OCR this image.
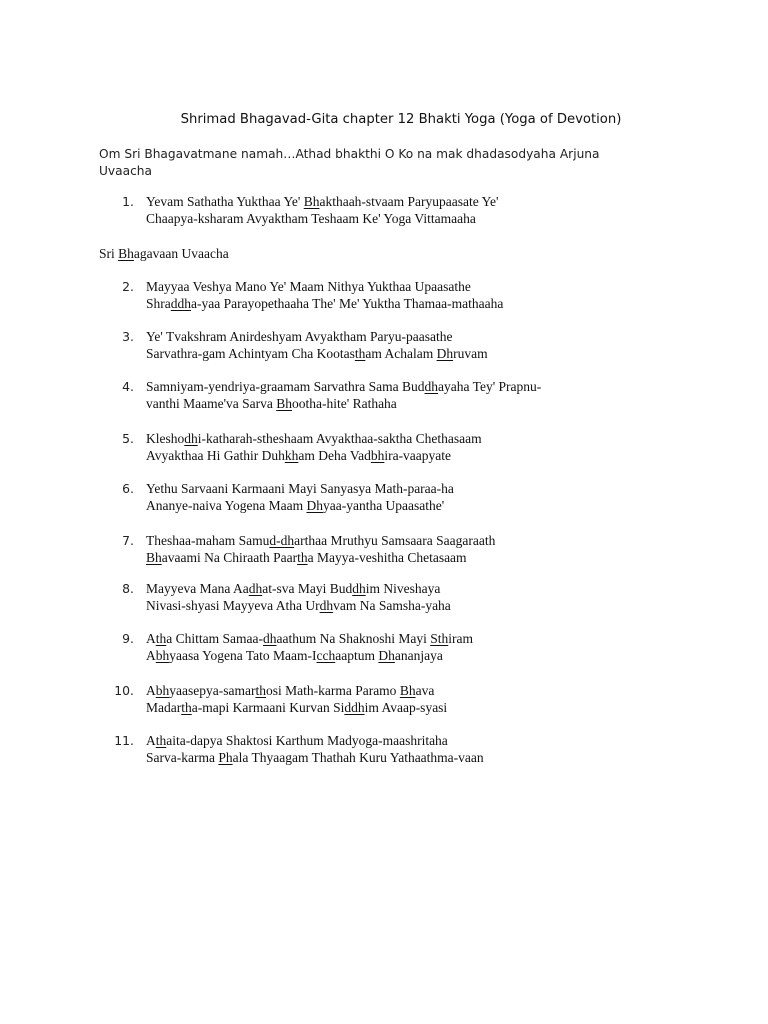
Shrimad Bhagavad-Gita chapter 12 Bhakti Yoga (Yoga of Devotion)
Om Sri Bhagavatmane namah…Athad bhakthi O Ko na mak dhadasodyaha Arjuna
Uvaacha
Sri Bhagavaan Uvaacha
1. Yevam Sathatha Yukthaa Ye' Bhakthaah-stvaam Paryupaasate Ye'
Chaapya-ksharam Avyaktham Teshaam Ke' Yoga Vittamaaha
2. Mayyaa Veshya Mano Ye' Maam Nithya Yukthaa Upaasathe
Shraddha-yaa Parayopethaaha The' Me' Yuktha Thamaa-mathaaha
3. Ye' Tvakshram Anirdeshyam Avyaktham Paryu-paasathe
Sarvathra-gam Achintyam Cha Kootastham Achalam Dhruvam
4. Samniyam-yendriya-graamam Sarvathra Sama Buddhayaha Tey' Prapnu-
vanthi Maame'va Sarva Bhootha-hite' Rathaha
5. Kleshodhi-katharah-stheshaam Avyakthaa-saktha Chethasaam
Avyakthaa Hi Gathir Duhkham Deha Vadbhira-vaapyate
6. Yethu Sarvaani Karmaani Mayi Sanyasya Math-paraa-ha
Ananye-naiva Yogena Maam Dhyaa-yantha Upaasathe'
7. Theshaa-maham Samud-dharthaa Mruthyu Samsaara Saagaraath
Bhavaami Na Chiraath Paartha Mayya-veshitha Chetasaam
8. Mayyeva Mana Aadhat-sva Mayi Buddhim Niveshaya
Nivasi-shyasi Mayyeva Atha Urdhvam Na Samsha-yaha
9. Atha Chittam Samaa-dhaathum Na Shaknoshi Mayi Sthiram
Abhyaasa Yogena Tato Maam-Icchaaptum Dhananjaya
10. Abhyaasepya-samarthosi Math-karma Paramo Bhava
Madartha-mapi Karmaani Kurvan Siddhim Avaap-syasi
11. Athaita-dapya Shaktosi Karthum Madyoga-maashritaha
Sarva-karma Phala Thyaagam Thathah Kuru Yathaathma-vaan
